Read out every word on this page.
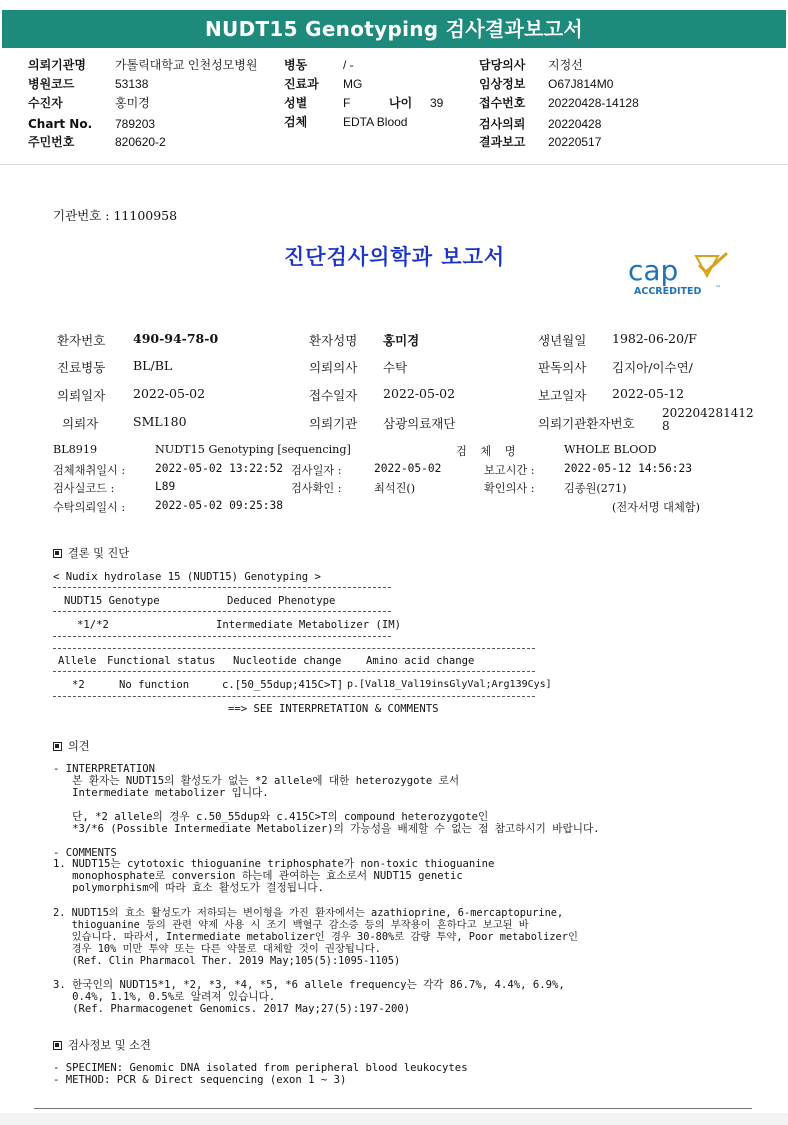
NUDT15 Genotyping 검사결과보고서
의뢰기관명 가톨릭대학교 인천성모병원
병원코드	53138
수진자	홍미경
Chart No. 789203
주민번호	820620-2
병동	/ -
진료과 MG
성별	F	나이 39
검체	EDTA Blood
담당의사 지정선
임상정보 O67J814M0
접수번호 20220428-14128
검사의뢰 20220428
결과보고 20220517
기관번호 : 11100958
진단검사의학과 보고서	cap
ACCREDITED ™
환자번호 490-94-78-0	환자성명 홍미경	생년월일 1982-06-20/F
진료병동 BL/BL	의뢰의사 수탁	판독의사 김지아/이수연/
의뢰일자 2022-05-02	접수일자 2022-05-02	보고일자 2022-05-12
의뢰자	SML180	의뢰기관 삼광의료재단	의뢰기관환자번호
202204281412
8
BL8919	NUDT15 Genotyping [sequencing]	검 체 명	WHOLE BLOOD
검체채취일시 :	2022-05-02 13:22:52 검사일자 :	2022-05-02	보고시간 :	2022-05-12 14:56:23
검사실코드 :	L89	검사확인 :	최석진()	확인의사 :	김종원(271)
수탁의뢰일시 :	2022-05-02 09:25:38	(전자서명 대체함)
결론 및 진단
< Nudix hydrolase 15 (NUDT15) Genotyping >
NUDT15 Genotype	Deduced Phenotype
*1/*2	Intermediate Metabolizer (IM)
Allele Functional status Nucleotide change Amino acid change
*2	No function	c.[50_55dup;415C>T] p.[Val18_Val19insGlyVal;Arg139Cys]
==> SEE INTERPRETATION & COMMENTS
의견
- INTERPRETATION
본 환자는 NUDT15의 활성도가 없는 *2 allele에 대한 heterozygote 로서
Intermediate metabolizer 입니다.

단, *2 allele의 경우 c.50_55dup와 c.415C>T의 compound heterozygote인
*3/*6 (Possible Intermediate Metabolizer)의 가능성을 배제할 수 없는 점 참고하시기 바랍니다.
- COMMENTS
1. NUDT15는 cytotoxic thioguanine triphosphate가 non-toxic thioguanine
monophosphate로 conversion 하는데 관여하는 효소로서 NUDT15 genetic
polymorphism에 따라 효소 활성도가 결정됩니다.
2. NUDT15의 효소 활성도가 저하되는 변이형을 가진 환자에서는 azathioprine, 6-mercaptopurine,
thioguanine 등의 관련 약제 사용 시 조기 백혈구 감소증 등의 부작용이 흔하다고 보고된 바
있습니다. 따라서, Intermediate metabolizer인 경우 30-80%로 감량 투약, Poor metabolizer인
경우 10% 미만 투약 또는 다른 약물로 대체할 것이 권장됩니다.
(Ref. Clin Pharmacol Ther. 2019 May;105(5):1095-1105)
3. 한국인의 NUDT15*1, *2, *3, *4, *5, *6 allele frequency는 각각 86.7%, 4.4%, 6.9%,
0.4%, 1.1%, 0.5%로 알려져 있습니다.
(Ref. Pharmacogenet Genomics. 2017 May;27(5):197-200)
검사정보 및 소견
- SPECIMEN: Genomic DNA isolated from peripheral blood leukocytes
- METHOD: PCR & Direct sequencing (exon 1 ~ 3)
